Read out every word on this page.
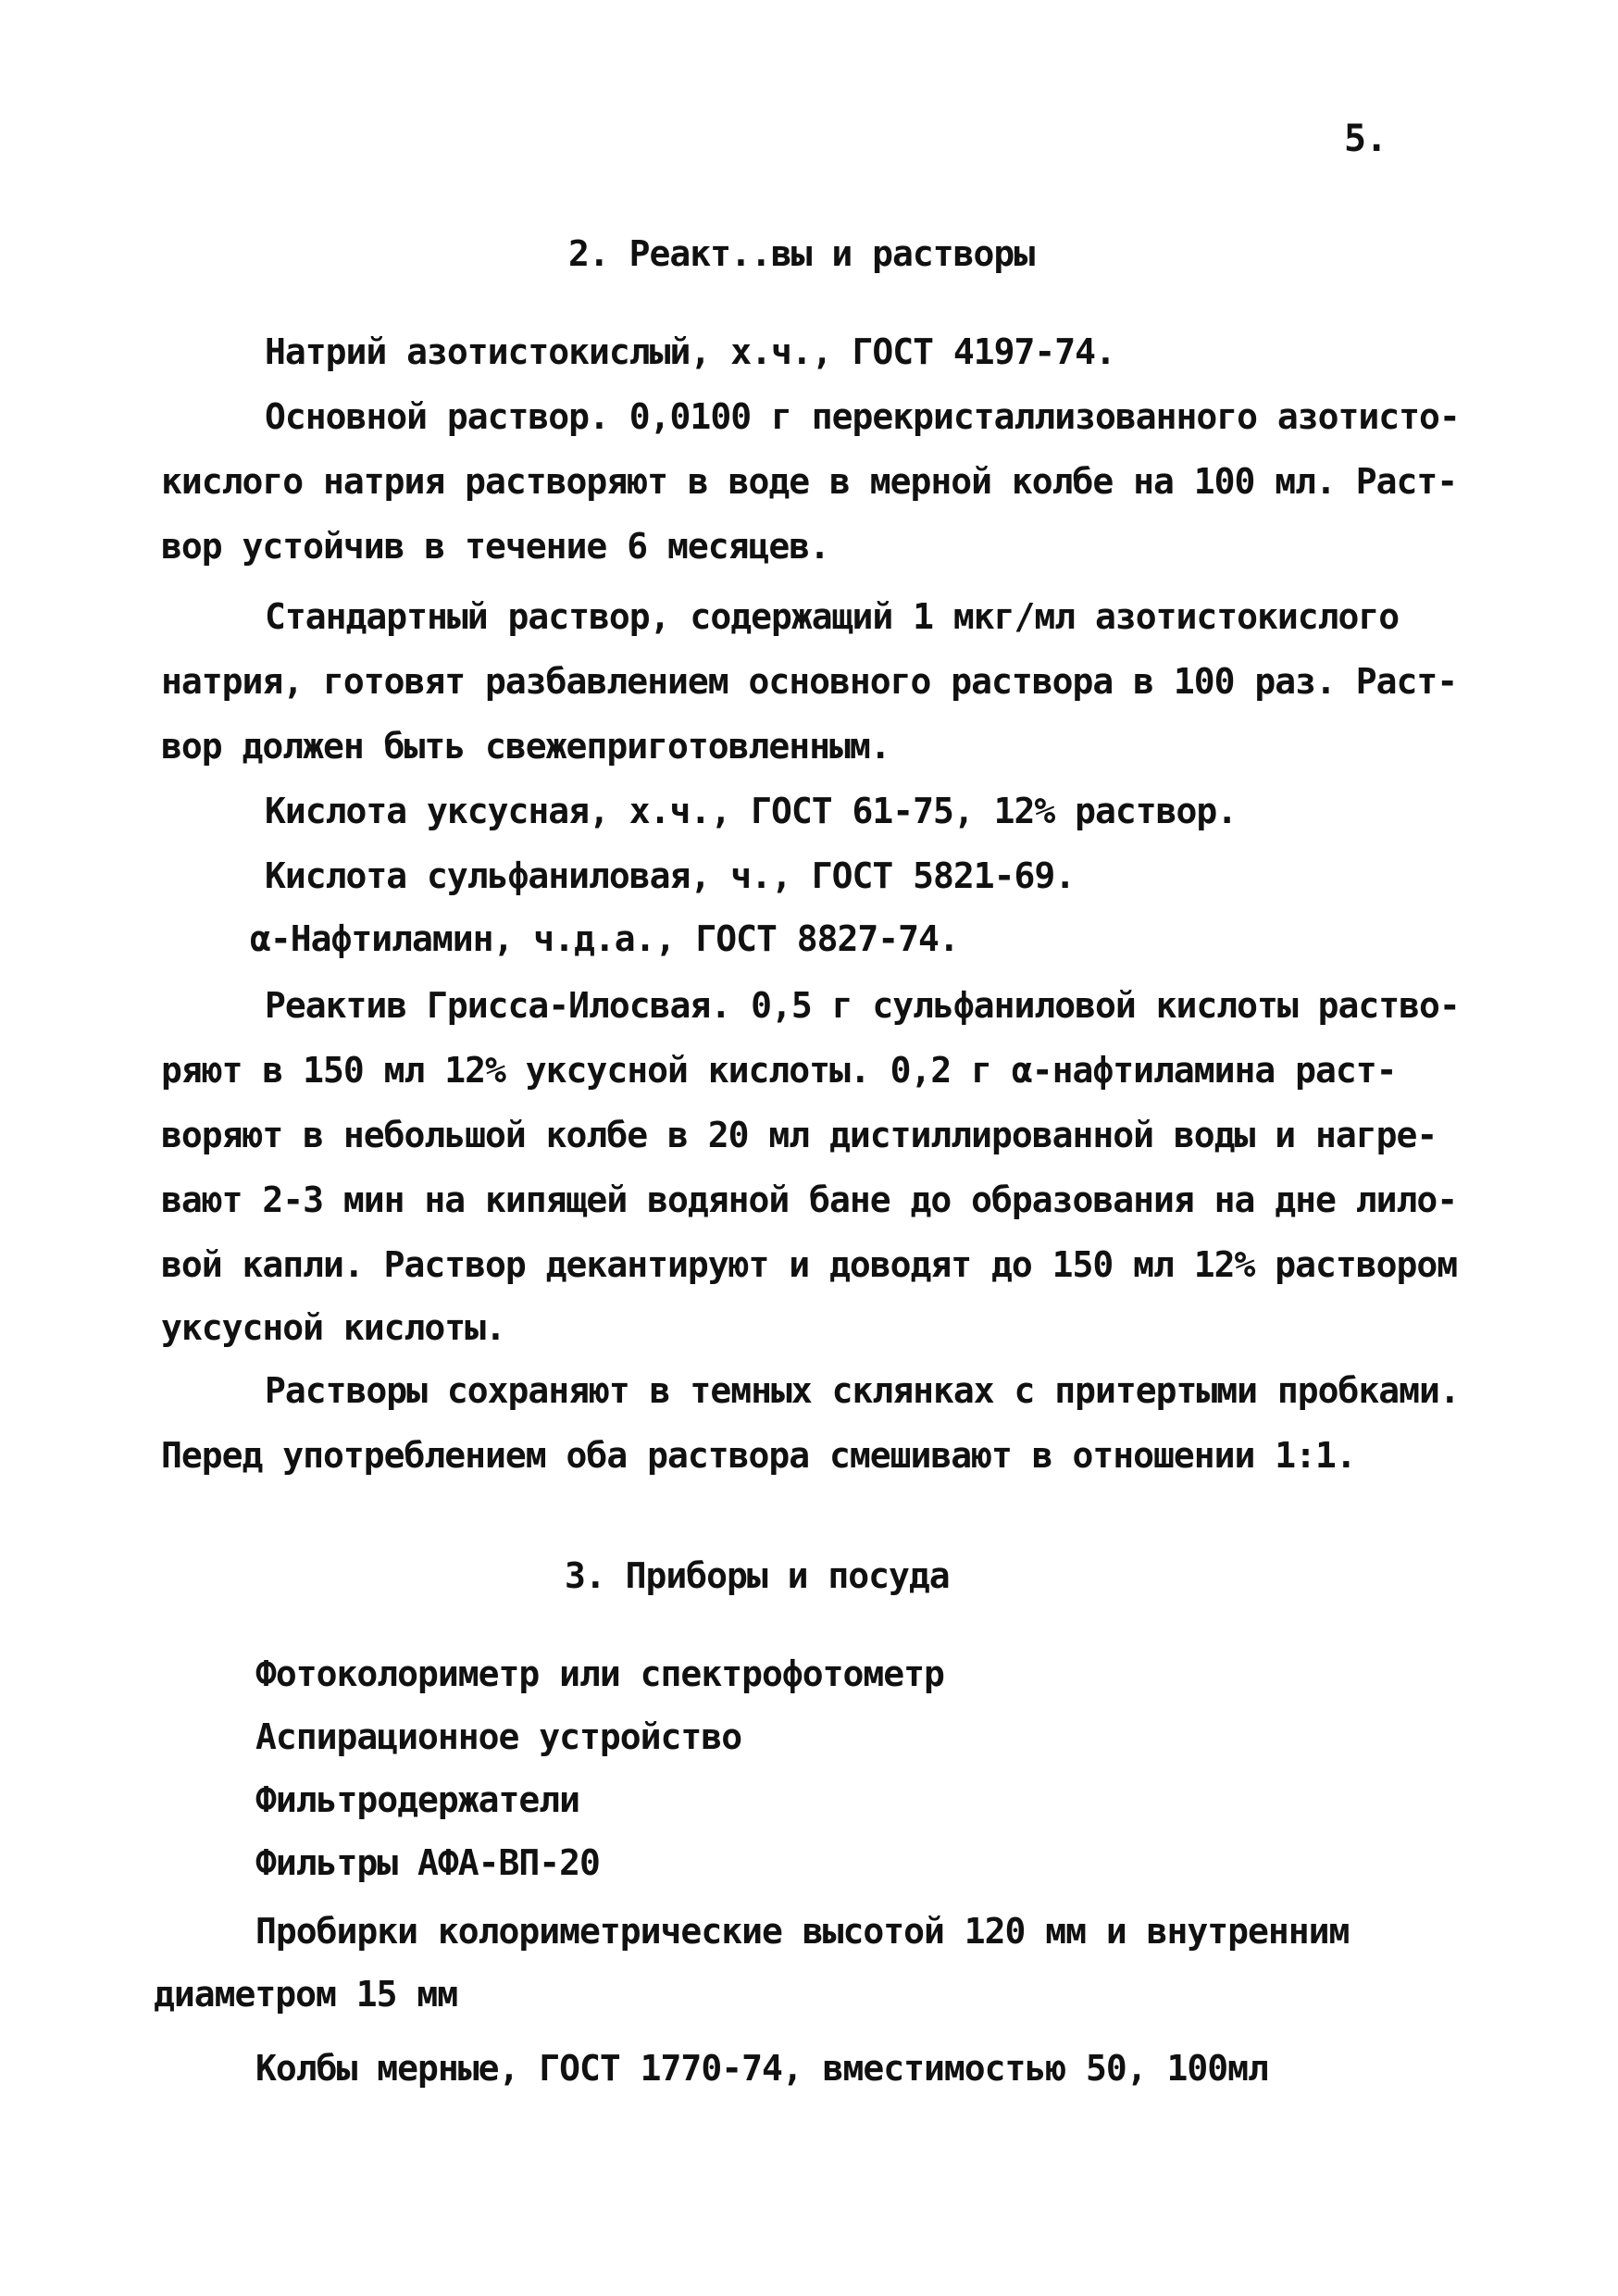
5.
2. Реакт..вы и растворы
Натрий азотистокислый, х.ч., ГОСТ 4197-74.
Основной раствор. 0,0100 г перекристаллизованного азотисто-
кислого натрия растворяют в воде в мерной колбе на 100 мл. Раст-
вор устойчив в течение 6 месяцев.
Стандартный раствор, содержащий 1 мкг/мл азотистокислого
натрия, готовят разбавлением основного раствора в 100 раз. Раст-
вор должен быть свежеприготовленным.
Кислота уксусная, х.ч., ГОСТ 61-75, 12% раствор.
Кислота сульфаниловая, ч., ГОСТ 5821-69.
α-Нафтиламин, ч.д.а., ГОСТ 8827-74.
Реактив Грисса-Илосвая. 0,5 г сульфаниловой кислоты раство-
ряют в 150 мл 12% уксусной кислоты. 0,2 г α-нафтиламина раст-
воряют в небольшой колбе в 20 мл дистиллированной воды и нагре-
вают 2-3 мин на кипящей водяной бане до образования на дне лило-
вой капли. Раствор декантируют и доводят до 150 мл 12% раствором
уксусной кислоты.
Растворы сохраняют в темных склянках с притертыми пробками.
Перед употреблением оба раствора смешивают в отношении 1:1.
3. Приборы и посуда
Фотоколориметр или спектрофотометр
Аспирационное устройство
Фильтродержатели
Фильтры АФА-ВП-20
Пробирки колориметрические высотой 120 мм и внутренним
диаметром 15 мм
Колбы мерные, ГОСТ 1770-74, вместимостью 50, 100мл
